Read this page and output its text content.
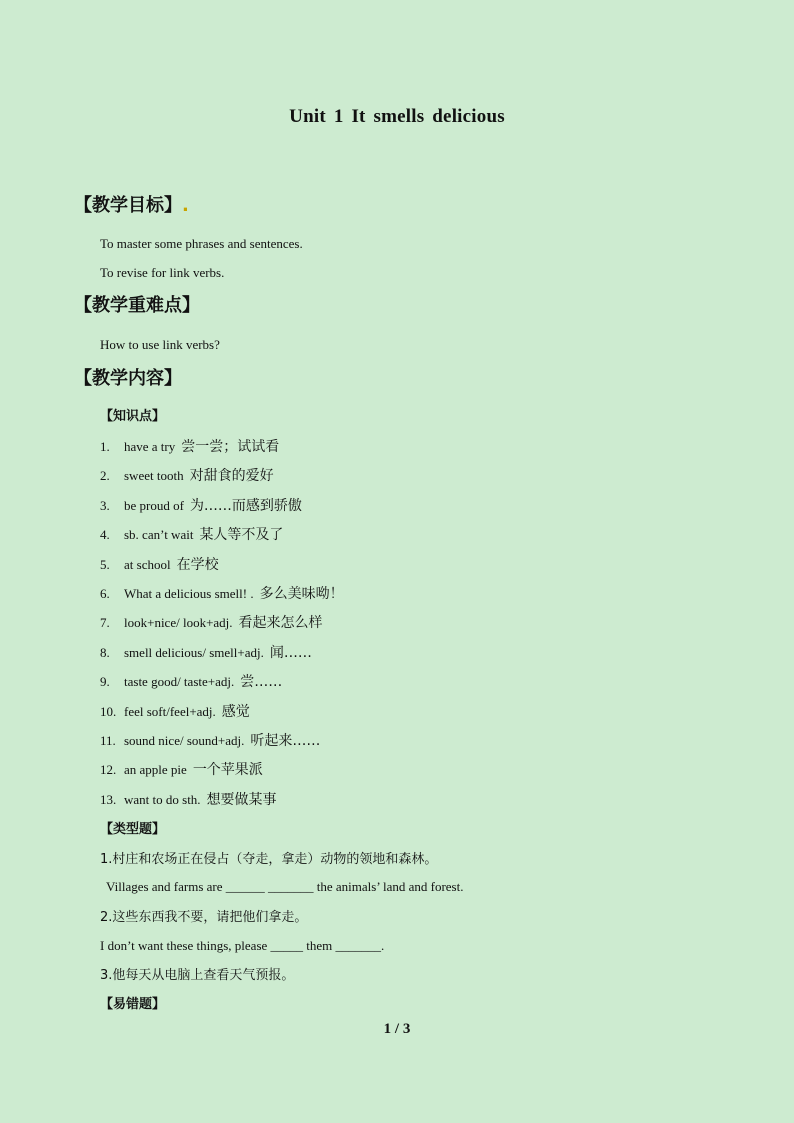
Unit 1 It smells delicious
【教学目标】.
To master some phrases and sentences.
To revise for link verbs.
【教学重难点】
How to use link verbs?
【教学内容】
【知识点】
1. have a try 尝一尝；试试看
2. sweet tooth 对甜食的爱好
3. be proud of 为……而感到骄傲
4. sb. can’t wait 某人等不及了
5. at school 在学校
6. What a delicious smell! . 多么美味呦！
7. look+nice/ look+adj. 看起来怎么样
8. smell delicious/ smell+adj. 闻……
9. taste good/ taste+adj. 尝……
10. feel soft/feel+adj. 感觉
11. sound nice/ sound+adj. 听起来……
12. an apple pie 一个苹果派
13. want to do sth. 想要做某事
【类型题】
1.村庄和农场正在侵占（夺走，拿走）动物的领地和森林。
Villages and farms are ______ _______ the animals’ land and forest.
2.这些东西我不要，请把他们拿走。
I don’t want these things, please _____ them _______.
3.他每天从电脑上查看天气预报。
【易错题】
1 / 3
